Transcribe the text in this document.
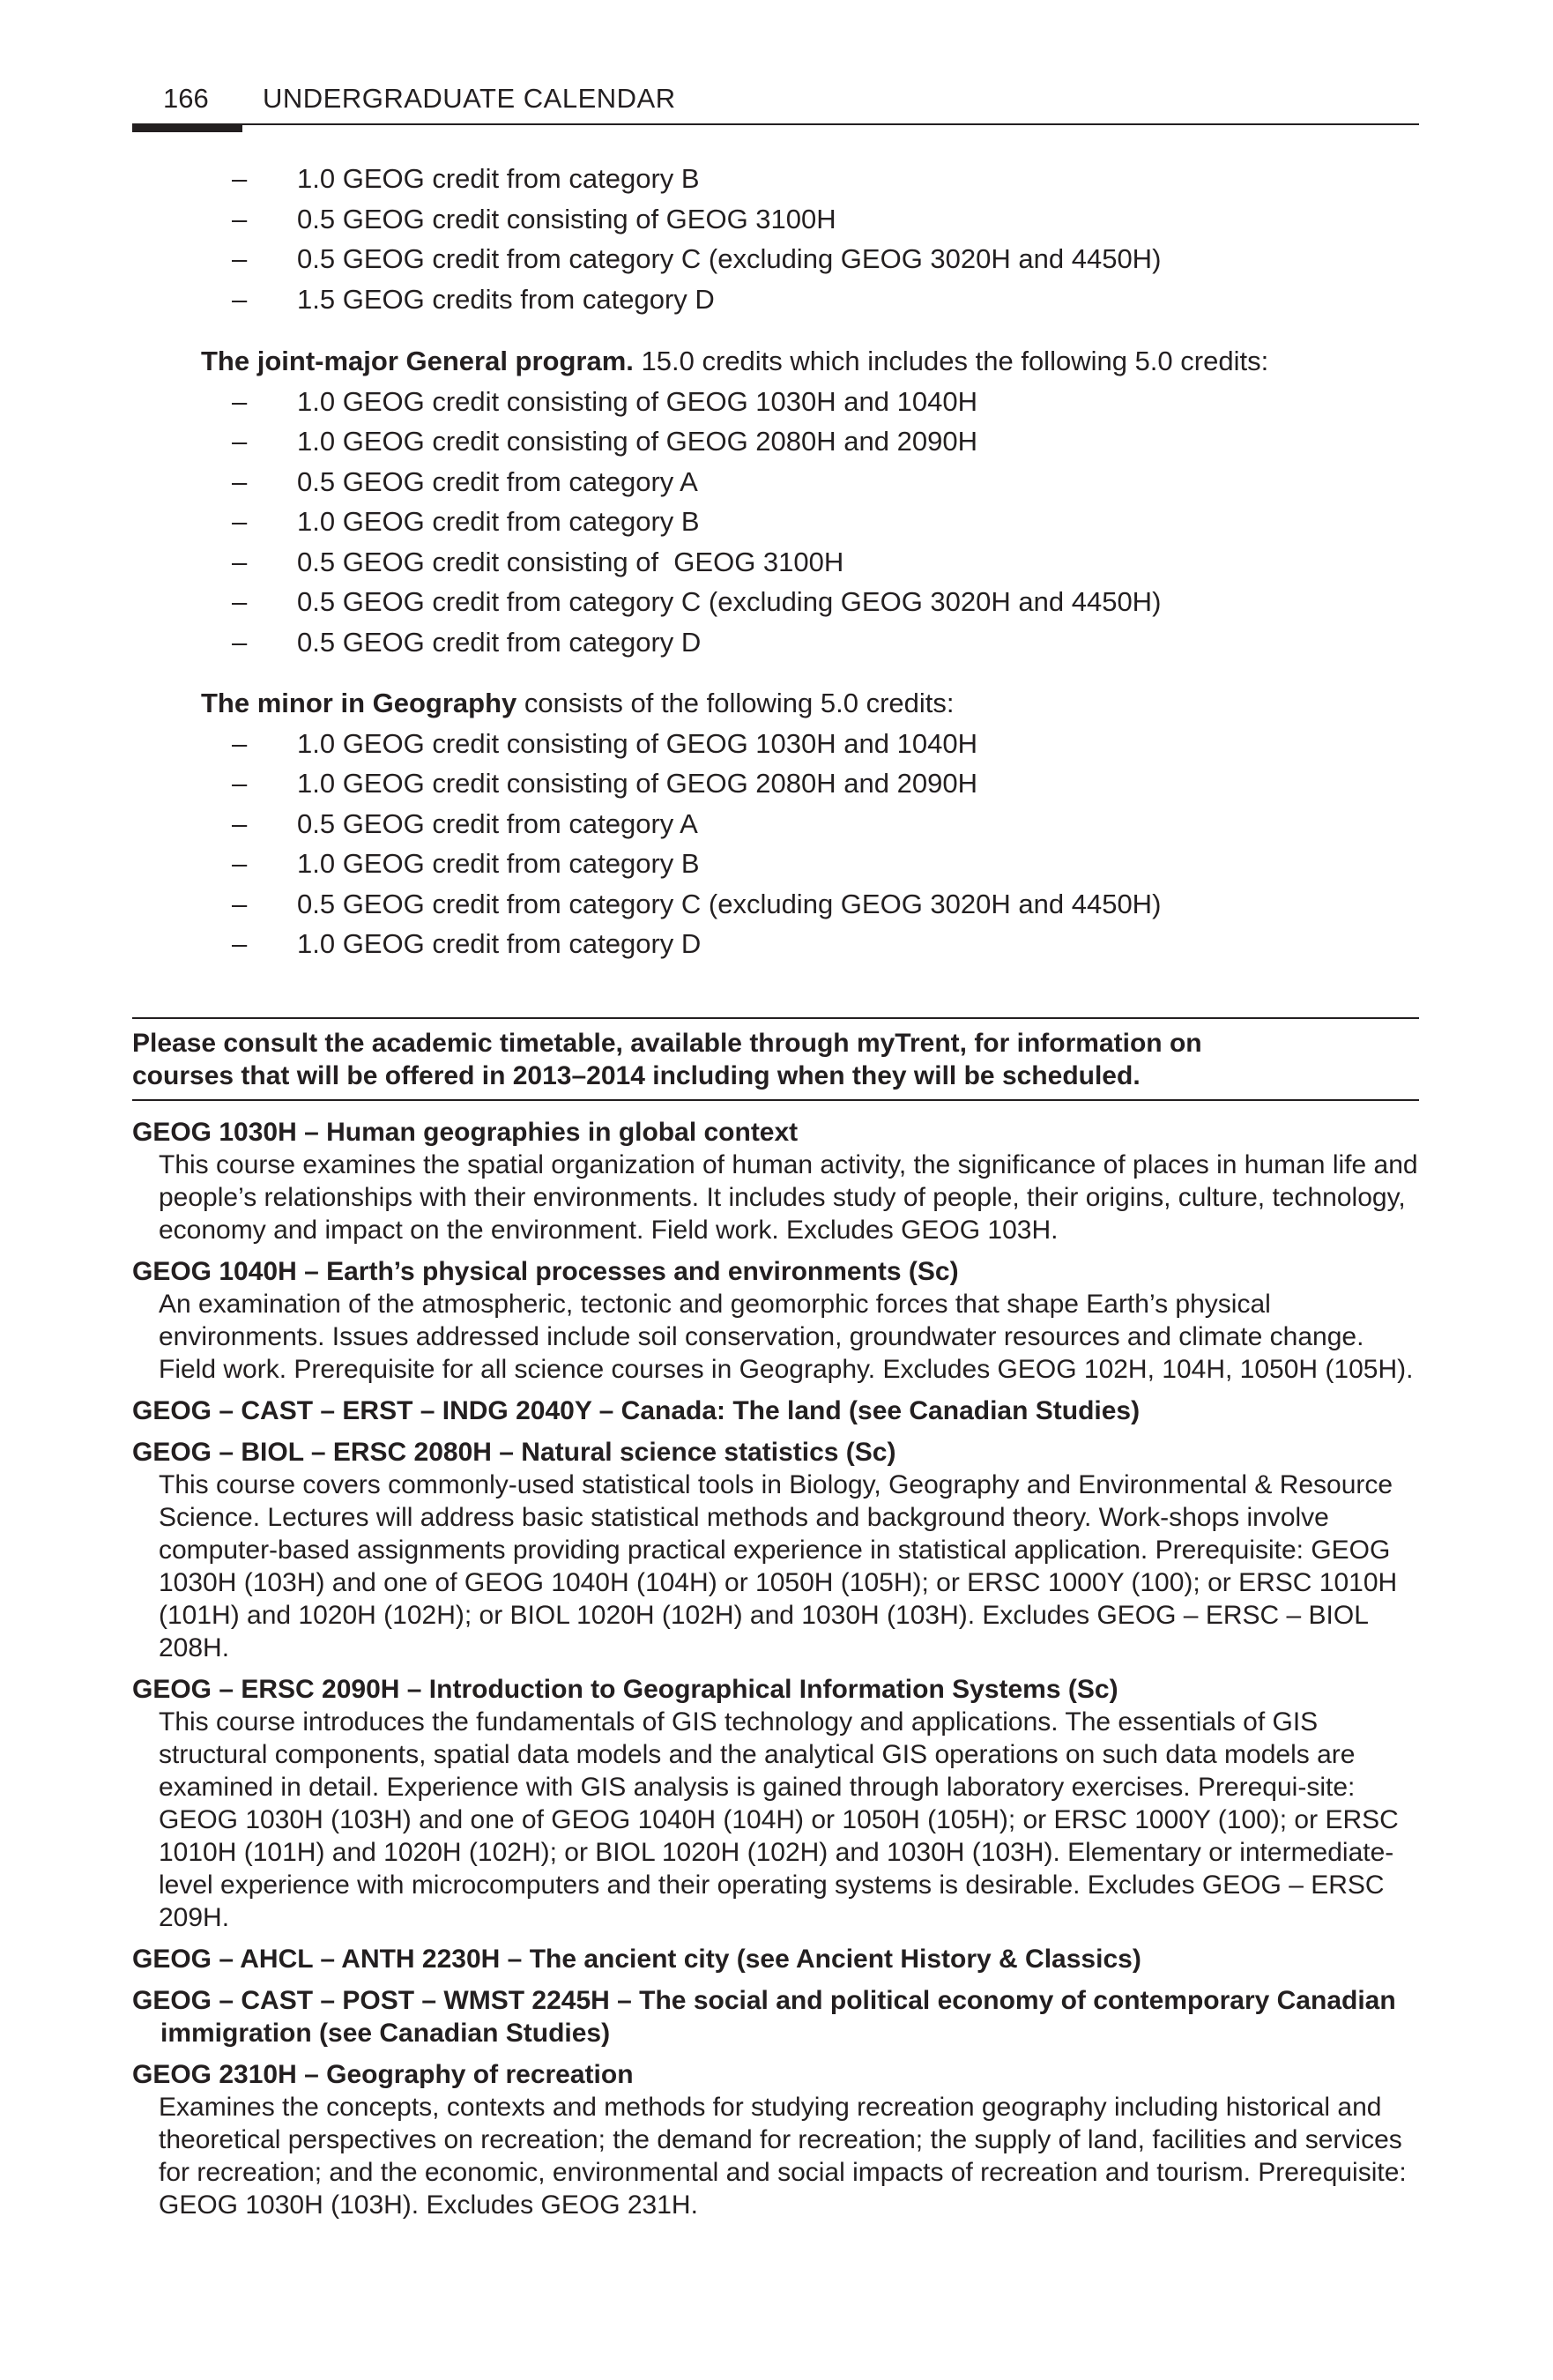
166 UNDERGRADUATE CALENDAR
– 1.0 GEOG credit from category B
– 0.5 GEOG credit consisting of GEOG 3100H
– 0.5 GEOG credit from category C (excluding GEOG 3020H and 4450H)
– 1.5 GEOG credits from category D

The joint-major General program. 15.0 credits which includes the following 5.0 credits:

– 1.0 GEOG credit consisting of GEOG 1030H and 1040H
– 1.0 GEOG credit consisting of GEOG 2080H and 2090H
– 0.5 GEOG credit from category A
– 1.0 GEOG credit from category B
– 0.5 GEOG credit consisting of  GEOG 3100H
– 0.5 GEOG credit from category C (excluding GEOG 3020H and 4450H)
– 0.5 GEOG credit from category D

The minor in Geography consists of the following 5.0 credits:

– 1.0 GEOG credit consisting of GEOG 1030H and 1040H
– 1.0 GEOG credit consisting of GEOG 2080H and 2090H
– 0.5 GEOG credit from category A
– 1.0 GEOG credit from category B
– 0.5 GEOG credit from category C (excluding GEOG 3020H and 4450H)
– 1.0 GEOG credit from category D
Please consult the academic timetable, available through myTrent, for information on
courses that will be offered in 2013–2014 including when they will be scheduled.
GEOG 1030H – Human geographies in global context
This course examines the spatial organization of human activity, the significance of places in human life and people’s relationships with their environments. It includes study of people, their origins, culture, technology, economy and impact on the environment. Field work. Excludes GEOG 103H.
GEOG 1040H – Earth’s physical processes and environments (Sc)
An examination of the atmospheric, tectonic and geomorphic forces that shape Earth’s physical environments. Issues addressed include soil conservation, groundwater resources and climate change. Field work. Prerequisite for all science courses in Geography. Excludes GEOG 102H, 104H, 1050H (105H).
GEOG – CAST – ERST – INDG 2040Y – Canada: The land (see Canadian Studies)
GEOG – BIOL – ERSC 2080H – Natural science statistics (Sc)
This course covers commonly-used statistical tools in Biology, Geography and Environmental & Resource Science. Lectures will address basic statistical methods and background theory. Work-shops involve computer-based assignments providing practical experience in statistical application. Prerequisite: GEOG 1030H (103H) and one of GEOG 1040H (104H) or 1050H (105H); or ERSC 1000Y (100); or ERSC 1010H (101H) and 1020H (102H); or BIOL 1020H (102H) and 1030H (103H). Excludes GEOG – ERSC – BIOL 208H.
GEOG – ERSC 2090H – Introduction to Geographical Information Systems (Sc)
This course introduces the fundamentals of GIS technology and applications. The essentials of GIS structural components, spatial data models and the analytical GIS operations on such data models are examined in detail. Experience with GIS analysis is gained through laboratory exercises. Prerequi-site: GEOG 1030H (103H) and one of GEOG 1040H (104H) or 1050H (105H); or ERSC 1000Y (100); or ERSC 1010H (101H) and 1020H (102H); or BIOL 1020H (102H) and 1030H (103H). Elementary or intermediate-level experience with microcomputers and their operating systems is desirable. Excludes GEOG – ERSC 209H.
GEOG – AHCL – ANTH 2230H – The ancient city (see Ancient History & Classics)
GEOG – CAST – POST – WMST 2245H – The social and political economy of contemporary Canadian immigration (see Canadian Studies)
GEOG 2310H – Geography of recreation
Examines the concepts, contexts and methods for studying recreation geography including historical and theoretical perspectives on recreation; the demand for recreation; the supply of land, facilities and services for recreation; and the economic, environmental and social impacts of recreation and tourism. Prerequisite: GEOG 1030H (103H). Excludes GEOG 231H.
